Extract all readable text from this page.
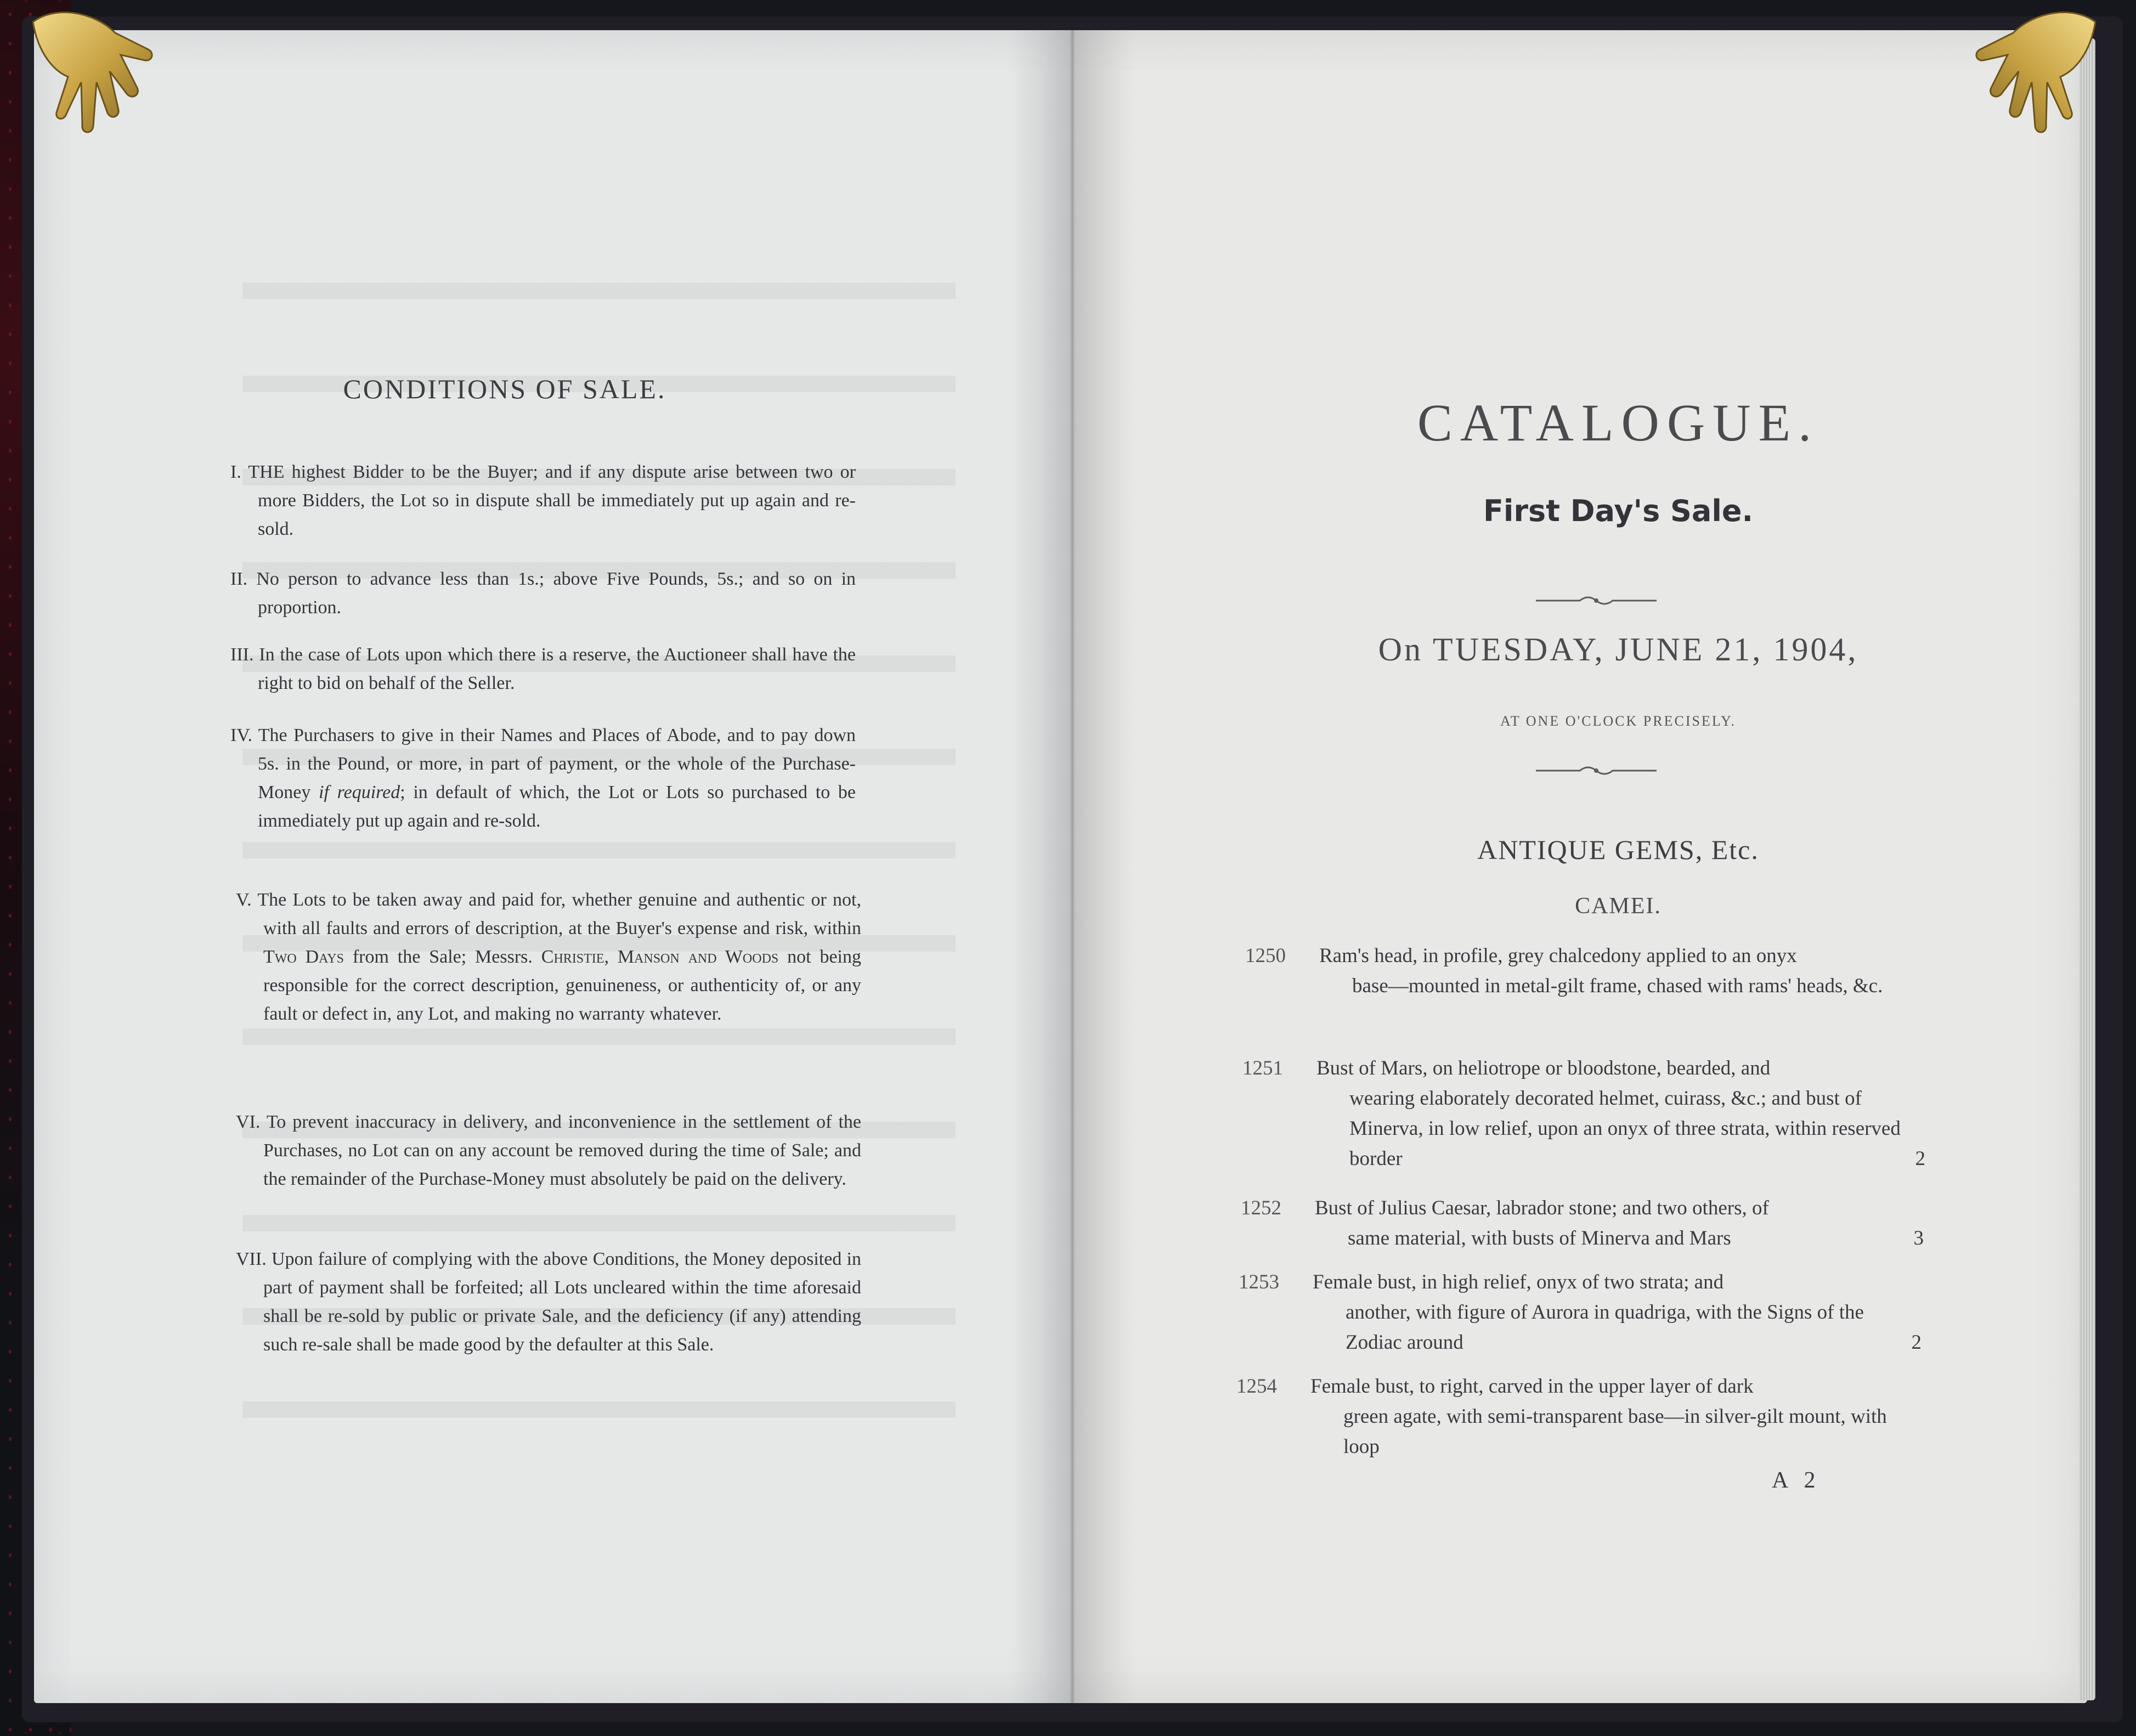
CONDITIONS OF SALE.

I. THE highest Bidder to be the Buyer; and if any dispute arise between two or more Bidders, the Lot so in dispute shall be immediately put up again and re-sold.

II. No person to advance less than 1s.; above Five Pounds, 5s.; and so on in proportion.

III. In the case of Lots upon which there is a reserve, the Auctioneer shall have the right to bid on behalf of the Seller.

IV. The Purchasers to give in their Names and Places of Abode, and to pay down 5s. in the Pound, or more, in part of payment, or the whole of the Purchase-Money if required; in default of which, the Lot or Lots so purchased to be immediately put up again and re-sold.

V. The Lots to be taken away and paid for, whether genuine and authentic or not, with all faults and errors of description, at the Buyer's expense and risk, within Two Days from the Sale; Messrs. Christie, Manson and Woods not being responsible for the correct description, genuineness, or authenticity of, or any fault or defect in, any Lot, and making no warranty whatever.

VI. To prevent inaccuracy in delivery, and inconvenience in the settlement of the Purchases, no Lot can on any account be removed during the time of Sale; and the remainder of the Purchase-Money must absolutely be paid on the delivery.

VII. Upon failure of complying with the above Conditions, the Money deposited in part of payment shall be forfeited; all Lots uncleared within the time aforesaid shall be re-sold by public or private Sale, and the deficiency (if any) attending such re-sale shall be made good by the defaulter at this Sale.

CATALOGUE.
First Day's Sale.
On TUESDAY, JUNE 21, 1904,
AT ONE O'CLOCK PRECISELY.
ANTIQUE GEMS, Etc.
CAMEI.
1250 Ram's head, in profile, grey chalcedony applied to an onyx
base—mounted in metal-gilt frame, chased with rams' heads, &c.
1251 Bust of Mars, on heliotrope or bloodstone, bearded, and
wearing elaborately decorated helmet, cuirass, &c.; and bust of Minerva, in low relief, upon an onyx of three strata, within reserved border	2
1252 Bust of Julius Caesar, labrador stone; and two others, of
same material, with busts of Minerva and Mars	3
1253 Female bust, in high relief, onyx of two strata; and
another, with figure of Aurora in quadriga, with the Signs of the Zodiac around	2
1254 Female bust, to right, carved in the upper layer of dark
green agate, with semi-transparent base—in silver-gilt mount, with loop
A 2
